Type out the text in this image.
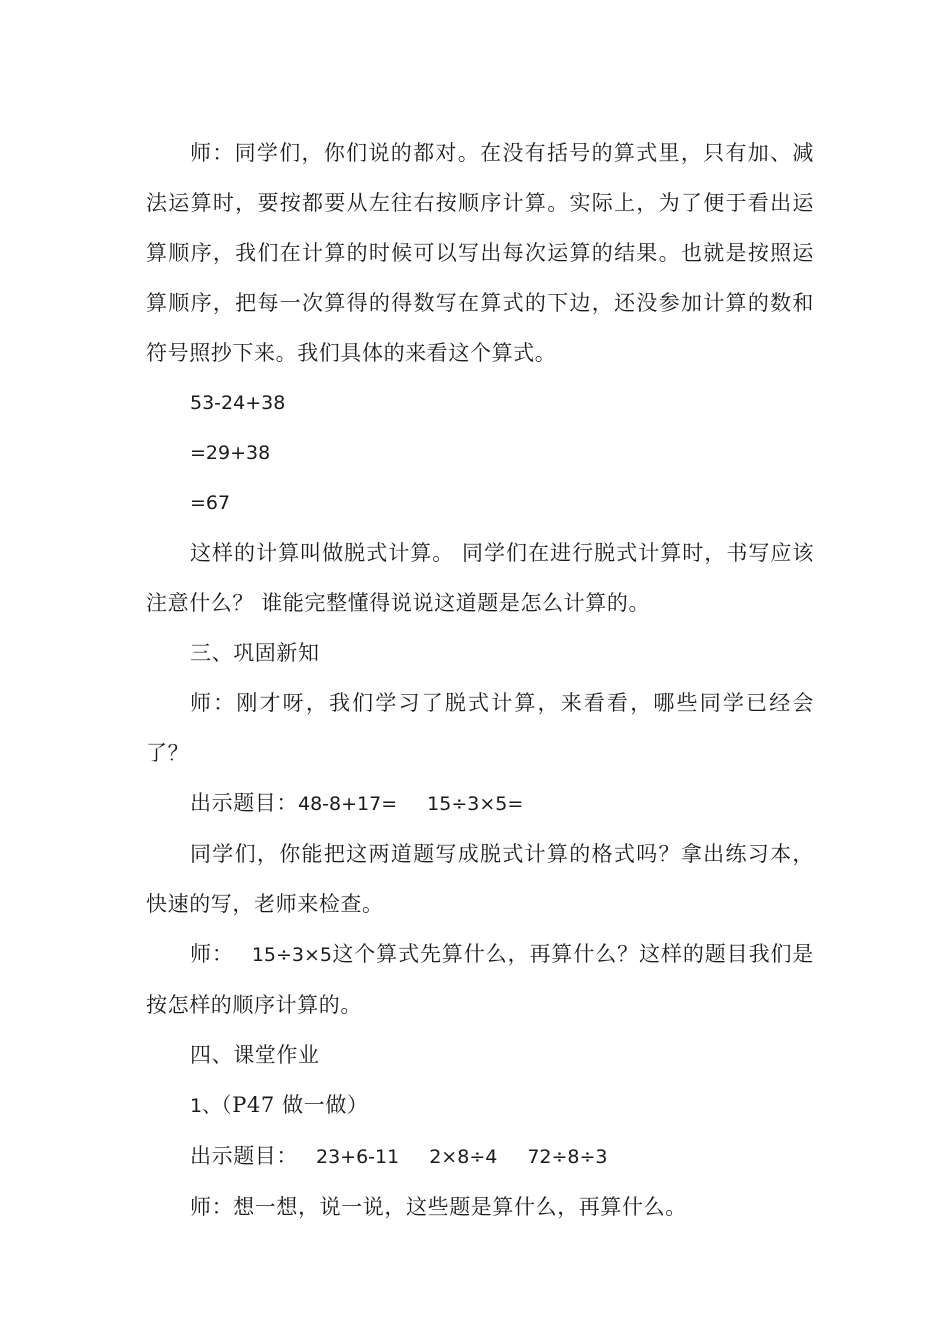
师：同学们，你们说的都对。在没有括号的算式里，只有加、减法运算时，要按都要从左往右按顺序计算。实际上，为了便于看出运算顺序，我们在计算的时候可以写出每次运算的结果。也就是按照运算顺序，把每一次算得的得数写在算式的下边，还没参加计算的数和符号照抄下来。我们具体的来看这个算式。

53-24+38

=29+38

=67

这样的计算叫做脱式计算。 同学们在进行脱式计算时，书写应该注意什么？ 谁能完整懂得说说这道题是怎么计算的。

三、巩固新知

师：刚才呀，我们学习了脱式计算，来看看，哪些同学已经会了？

出示题目：48-8+17= 15÷3×5=

同学们，你能把这两道题写成脱式计算的格式吗？拿出练习本，快速的写，老师来检查。

师： 15÷3×5这个算式先算什么，再算什么？这样的题目我们是按怎样的顺序计算的。

四、课堂作业

1、（P47 做一做）

出示题目： 23+6-11 2×8÷4 72÷8÷3

师：想一想，说一说，这些题是算什么，再算什么。
